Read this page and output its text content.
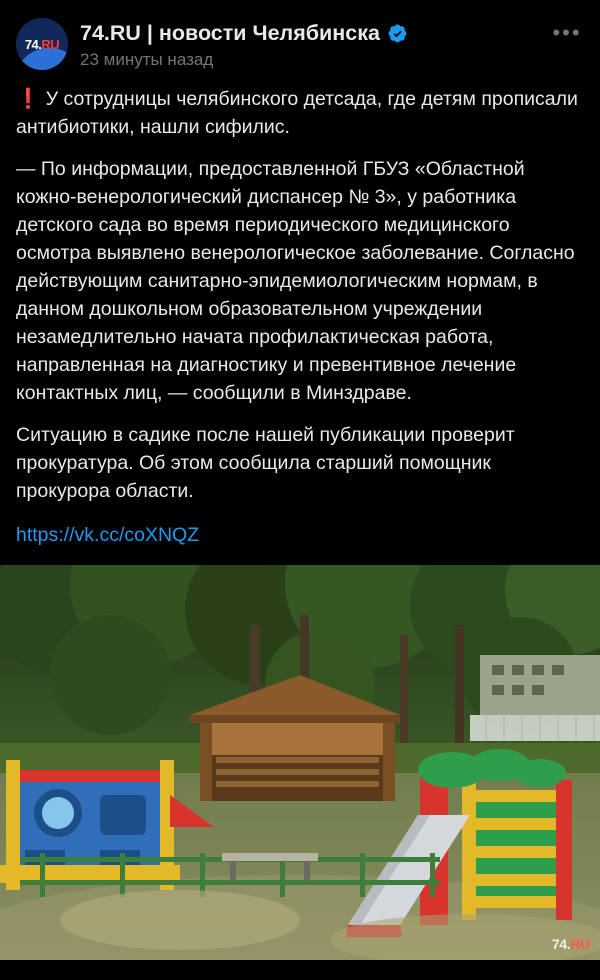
74.RU 74.RU | новости Челябинска
23 минуты назад
•••

❗️ У сотрудницы челябинского детсада, где детям прописали антибиотики, нашли сифилис.

— По информации, предоставленной ГБУЗ «Областной кожно-венерологический диспансер № 3», у работника детского сада во время периодического медицинского осмотра выявлено венерологическое заболевание. Согласно действующим санитарно-эпидемиологическим нормам, в данном дошкольном образовательном учреждении незамедлительно начата профилактическая работа, направленная на диагностику и превентивное лечение контактных лиц, — сообщили в Минздраве.

Ситуацию в садике после нашей публикации проверит прокуратура. Об этом сообщила старший помощник прокурора области.

https://vk.cc/coXNQZ
74.RU
